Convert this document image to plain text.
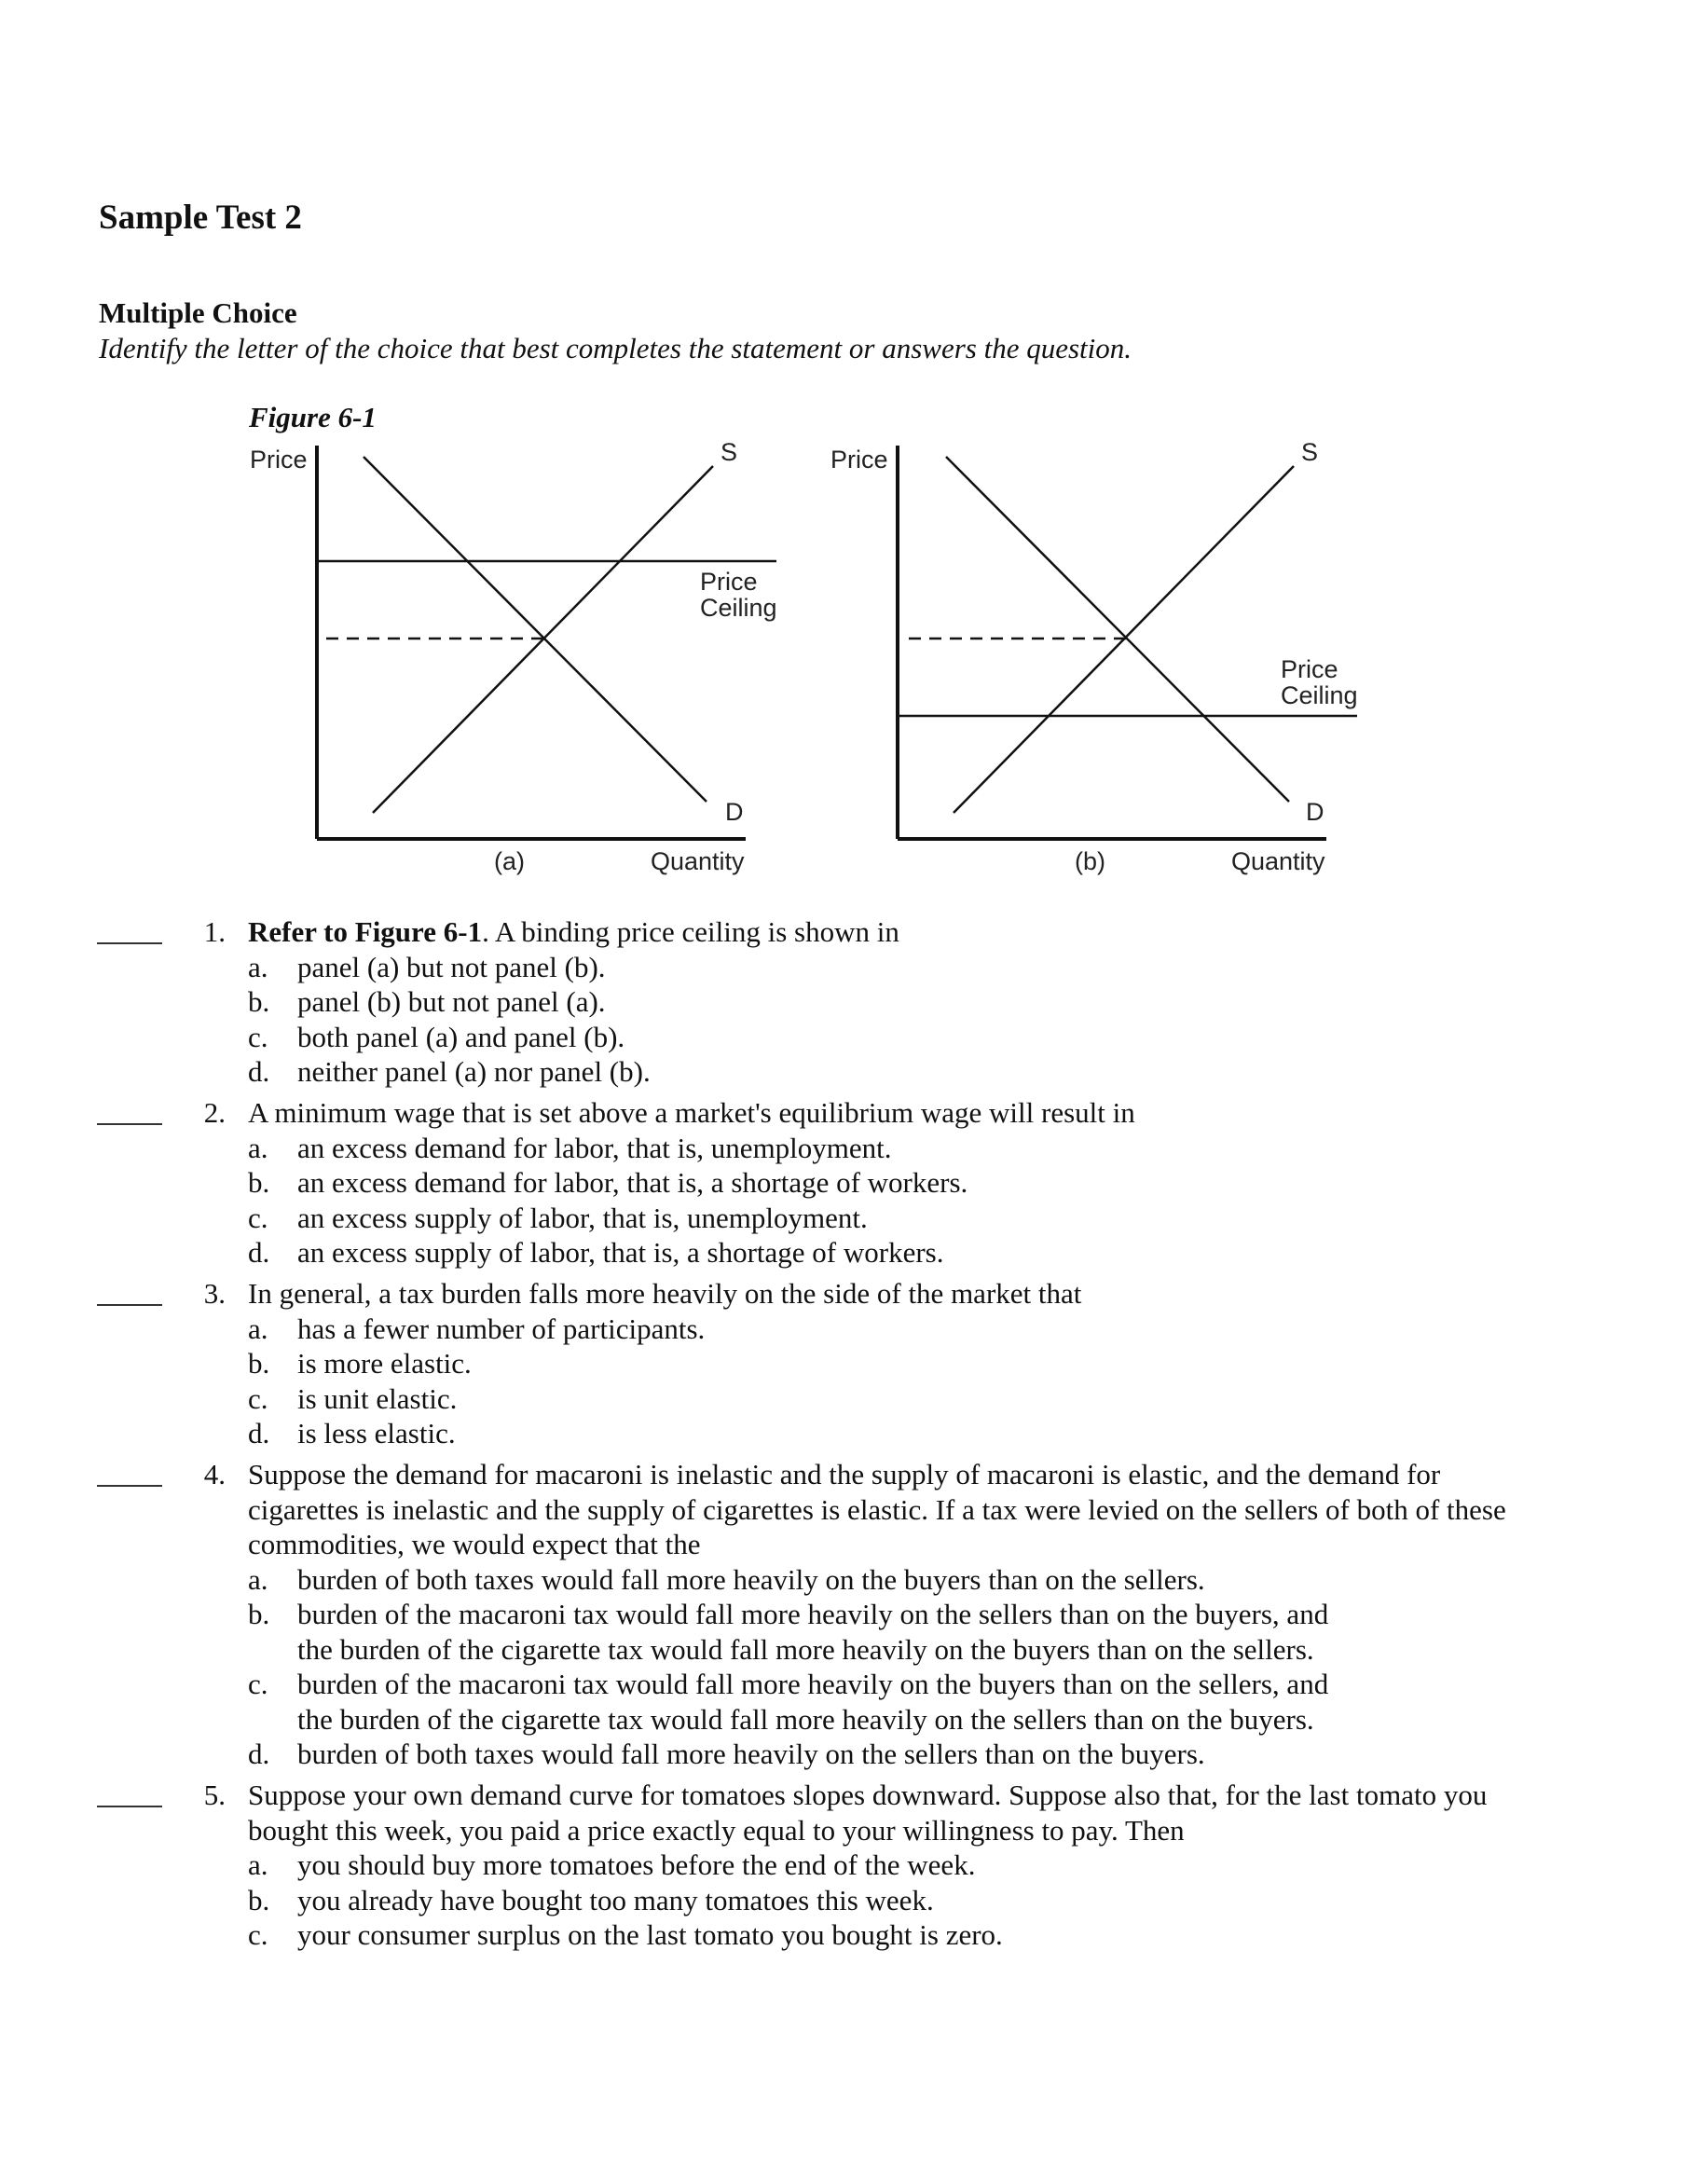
Sample Test 2
Multiple Choice

Identify the letter of the choice that best completes the statement or answers the question.

Figure 6-1
Price	S
Price
Ceiling
D
(a)	Quantity
Price	S
Price
Ceiling
D
(b)	Quantity
1. Refer to Figure 6-1. A binding price ceiling is shown in
a.	panel (a) but not panel (b).
b. panel (b) but not panel (a).
c.	both panel (a) and panel (b).
d. neither panel (a) nor panel (b).
2. A minimum wage that is set above a market's equilibrium wage will result in
a.	an excess demand for labor, that is, unemployment.
b. an excess demand for labor, that is, a shortage of workers.
c.	an excess supply of labor, that is, unemployment.
d. an excess supply of labor, that is, a shortage of workers.
3. In general, a tax burden falls more heavily on the side of the market that
a.	has a fewer number of participants.
b. is more elastic.
c.	is unit elastic.
d. is less elastic.
4. Suppose the demand for macaroni is inelastic and the supply of macaroni is elastic, and the demand for
cigarettes is inelastic and the supply of cigarettes is elastic. If a tax were levied on the sellers of both of these
commodities, we would expect that the
a.	burden of both taxes would fall more heavily on the buyers than on the sellers.
b. burden of the macaroni tax would fall more heavily on the sellers than on the buyers, and
the burden of the cigarette tax would fall more heavily on the buyers than on the sellers.
c.	burden of the macaroni tax would fall more heavily on the buyers than on the sellers, and
the burden of the cigarette tax would fall more heavily on the sellers than on the buyers.
d. burden of both taxes would fall more heavily on the sellers than on the buyers.
5. Suppose your own demand curve for tomatoes slopes downward. Suppose also that, for the last tomato you
bought this week, you paid a price exactly equal to your willingness to pay. Then
a.	you should buy more tomatoes before the end of the week.
b. you already have bought too many tomatoes this week.
c.	your consumer surplus on the last tomato you bought is zero.
